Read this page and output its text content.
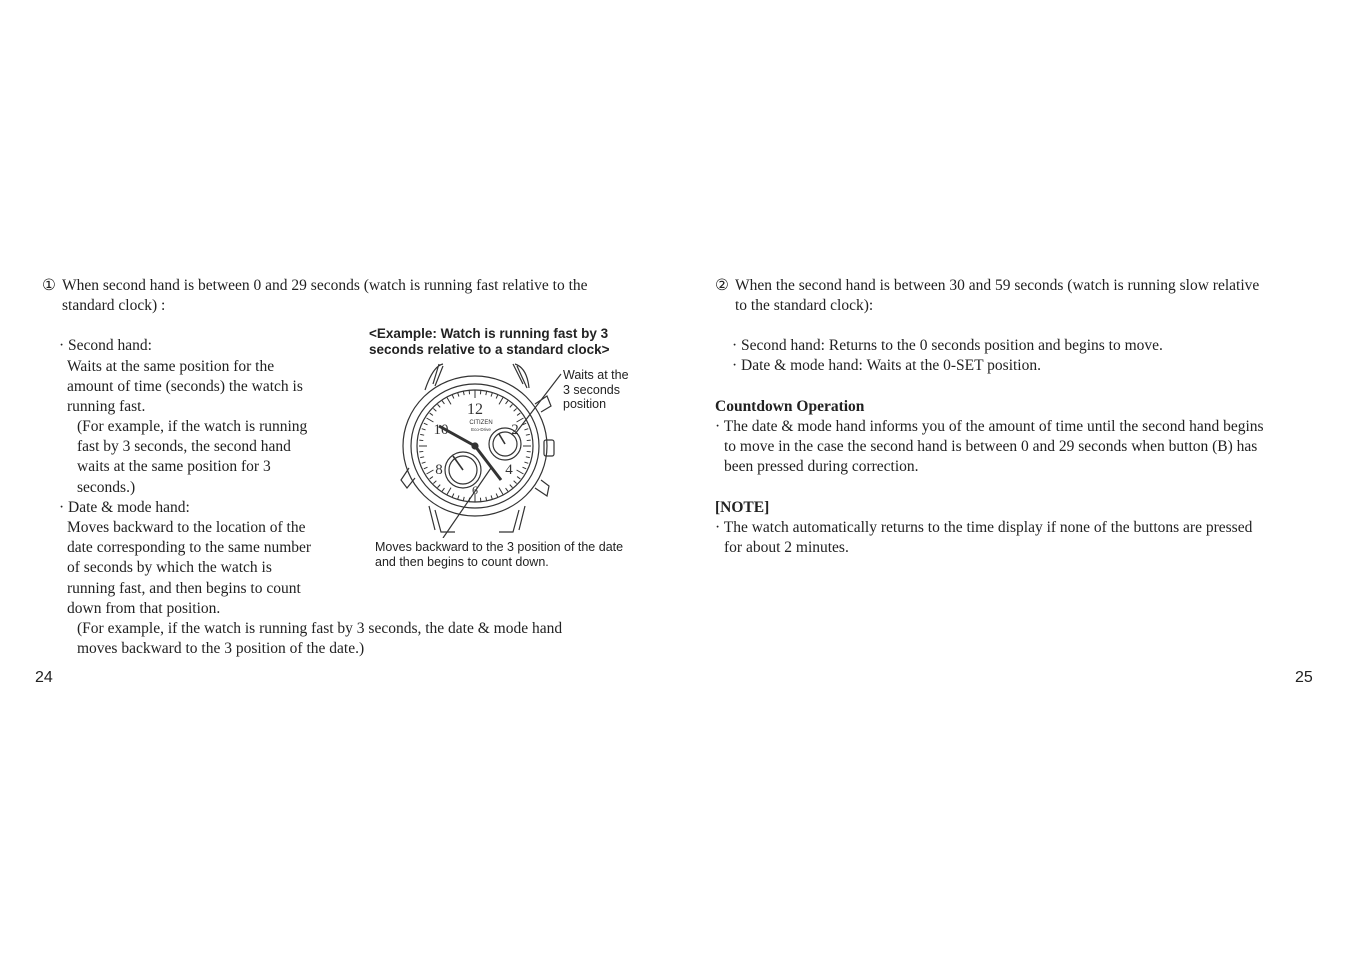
① When second hand is between 0 and 29 seconds (watch is running fast relative to the
standard clock) :
· Second hand:
Waits at the same position for the
amount of time (seconds) the watch is
running fast.
(For example, if the watch is running
fast by 3 seconds, the second hand
waits at the same position for 3
seconds.)
· Date & mode hand:
Moves backward to the location of the
date corresponding to the same number
of seconds by which the watch is
running fast, and then begins to count
down from that position.
(For example, if the watch is running fast by 3 seconds, the date & mode hand
moves backward to the 3 position of the date.)
<Example: Watch is running fast by 3
seconds relative to a standard clock>
12
10	2
8	4
6
CITIZEN
Eco-Drive
Waits at the
3 seconds
position
Moves backward to the 3 position of the date
and then begins to count down.
24
② When the second hand is between 30 and 59 seconds (watch is running slow relative
to the standard clock):
· Second hand: Returns to the 0 seconds position and begins to move.
· Date & mode hand: Waits at the 0-SET position.
Countdown Operation
· The date & mode hand informs you of the amount of time until the second hand begins
to move in the case the second hand is between 0 and 29 seconds when button (B) has
been pressed during correction.
[NOTE]
· The watch automatically returns to the time display if none of the buttons are pressed
for about 2 minutes.
25
